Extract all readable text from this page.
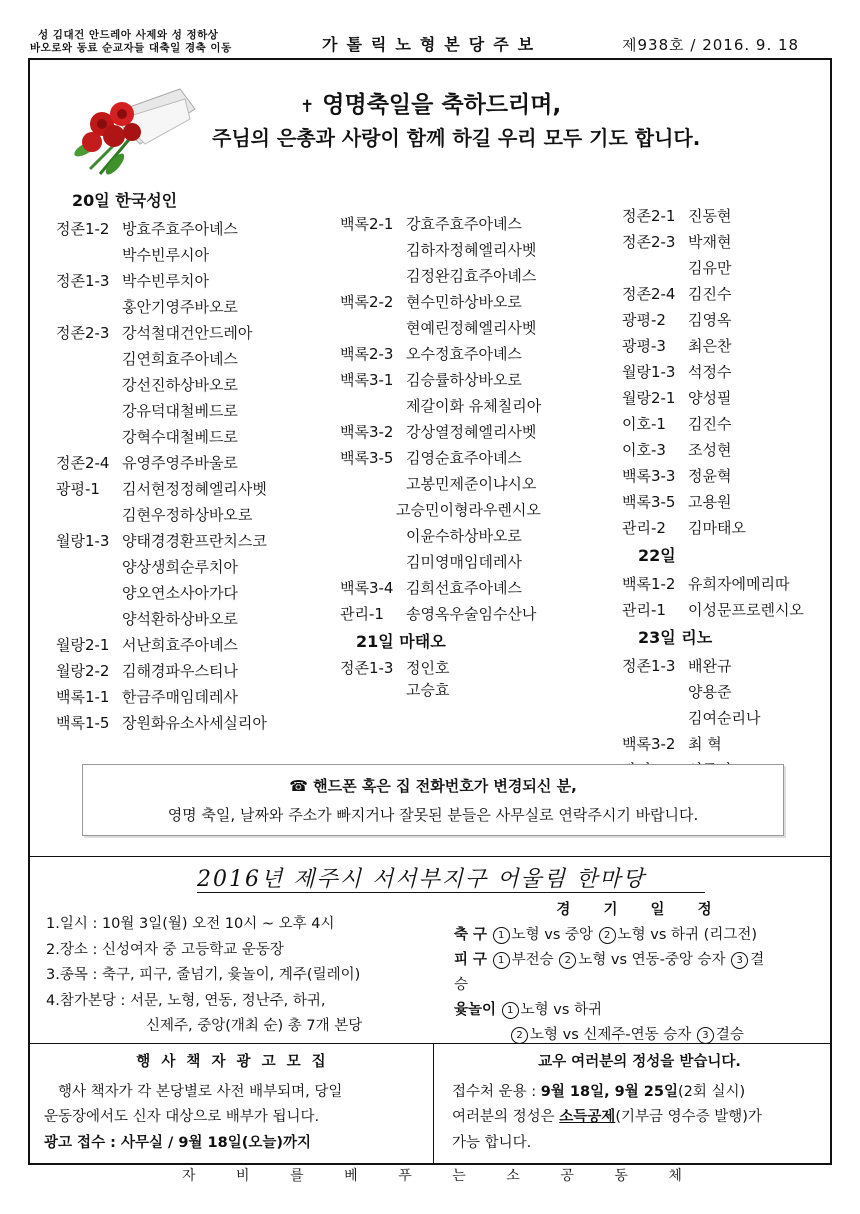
성 김대건 안드레아 사제와 성 정하상
바오로와 동료 순교자들 대축일 경축 이동	가톨릭노형본당주보	제938호 / 2016. 9. 18
✝ 영명축일을 축하드리며,
주님의 은총과 사랑이 함께 하길 우리 모두 기도 합니다.
20일 한국성인
정존1-2 방효주효주아녜스
박수빈루시아
정존1-3 박수빈루치아
홍안기영주바오로
정존2-3 강석철대건안드레아
김연희효주아녜스
강선진하상바오로
강유덕대철베드로
강혁수대철베드로
정존2-4 유영주영주바울로
광평-1 김서현정정혜엘리사벳
김현우정하상바오로
월랑1-3 양태경경환프란치스코
양상생희순루치아
양오연소사아가다
양석환하상바오로
월랑2-1 서난희효주아녜스
월랑2-2 김해경파우스티나
백록1-1 한금주매임데레사
백록1-5 장원화유소사세실리아
백록2-1 강효주효주아녜스
김하자정혜엘리사벳
김정완김효주아녜스
백록2-2 현수민하상바오로
현예린정혜엘리사벳
백록2-3 오수정효주아녜스
백록3-1 김승률하상바오로
제갈이화 유체칠리아
백록3-2 강상열정혜엘리사벳
백록3-5 김영순효주아녜스
고봉민제준이냐시오
고승민이형라우렌시오
이윤수하상바오로
김미영매임데레사
백록3-4 김희선효주아녜스
관리-1 송영옥우술임수산나
21일 마태오
정존1-3 정인호
고승효
정존2-1 진동현
정존2-3 박재현
김유만
정존2-4 김진수
광평-2 김영옥
광평-3 최은찬
월랑1-3 석정수
월랑2-1 양성필
이호-1 김진수
이호-3 조성현
백록3-3 정윤혁
백록3-5 고용원
관리-2 김마태오
22일
백록1-2 유희자에메리따
관리-1 이성문프로렌시오
23일 리노
정존1-3 배완규
양용준
김여순리나
백록3-2 최 혁
☎ 핸드폰 혹은 집 전화번호가 변경되신 분,
영명 축일, 날짜와 주소가 빠지거나 잘못된 분들은 사무실로 연락주시기 바랍니다.
2016년 제주시 서서부지구 어울림 한마당
1.일시 : 10월 3일(월) 오전 10시 ~ 오후 4시
2.장소 : 신성여자 중 고등학교 운동장
3.종목 : 축구, 피구, 줄넘기, 윷놀이, 계주(릴레이)
4.참가본당 : 서문, 노형, 연동, 정난주, 하귀,
신제주, 중앙(개최 순) 총 7개 본당
경 기 일 정
축 구 1 노형 vs 중앙 2 노형 vs 하귀 (리그전)
피 구 1 부전승 2 노형 vs 연동-중앙 승자 3 결
승
윷놀이 1 노형 vs 하귀
2 노형 vs 신제주-연동 승자 3 결승
행 사 책 자 광 고 모 집
행사 책자가 각 본당별로 사전 배부되며, 당일
운동장에서도 신자 대상으로 배부가 됩니다.
광고 접수 : 사무실 / 9월 18일(오늘)까지
교우 여러분의 정성을 받습니다.
접수처 운용 : 9월 18일, 9월 25일(2회 실시)
여러분의 정성은 소득공제(기부금 영수증 발행)가
가능 합니다.
자	비	를	베	푸	는	소	공	동	체
